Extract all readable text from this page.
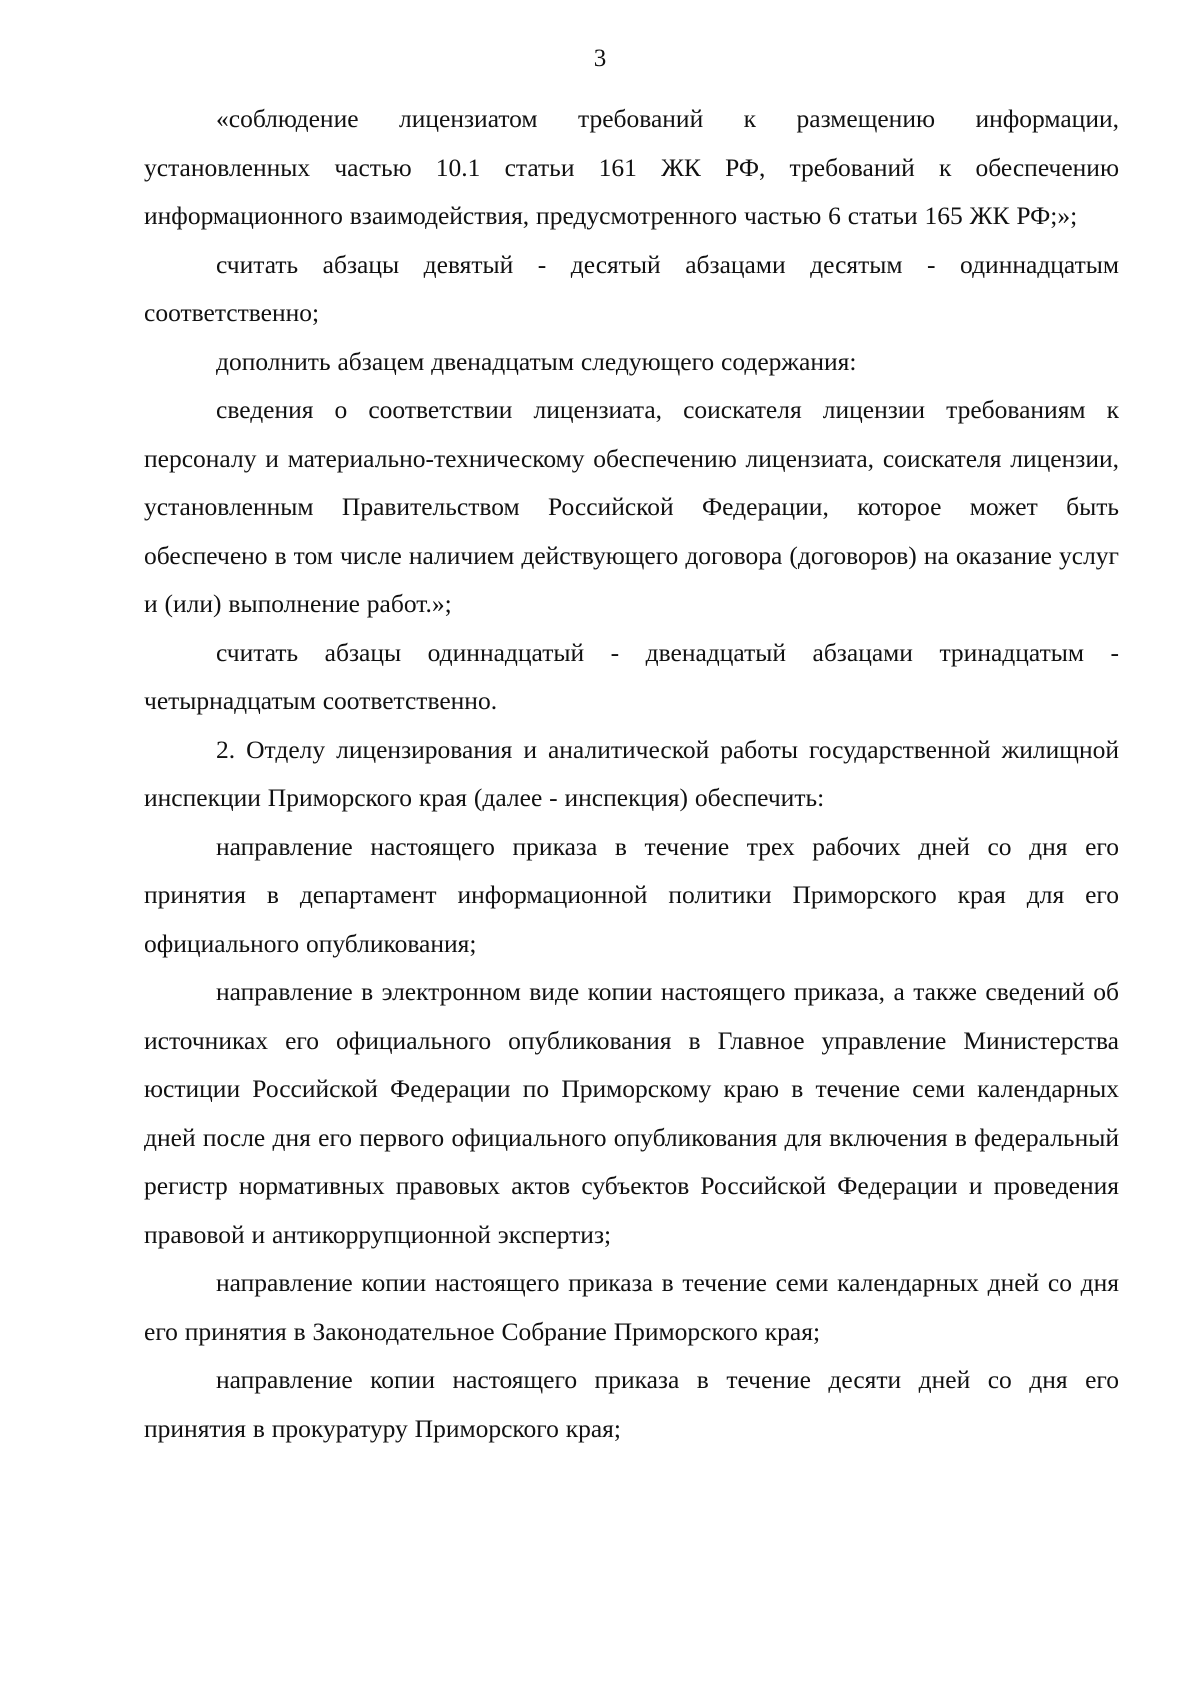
3

«соблюдение лицензиатом требований к размещению информации, установленных частью 10.1 статьи 161 ЖК РФ, требований к обеспечению информационного взаимодействия, предусмотренного частью 6 статьи 165 ЖК РФ;»;

считать абзацы девятый - десятый абзацами десятым - одиннадцатым соответственно;

дополнить абзацем двенадцатым следующего содержания:

сведения о соответствии лицензиата, соискателя лицензии требованиям к персоналу и материально-техническому обеспечению лицензиата, соискателя лицензии, установленным Правительством Российской Федерации, которое может быть обеспечено в том числе наличием действующего договора (договоров) на оказание услуг и (или) выполнение работ.»;

считать абзацы одиннадцатый - двенадцатый абзацами тринадцатым - четырнадцатым соответственно.

2. Отделу лицензирования и аналитической работы государственной жилищной инспекции Приморского края (далее - инспекция) обеспечить:

направление настоящего приказа в течение трех рабочих дней со дня его принятия в департамент информационной политики Приморского края для его официального опубликования;

направление в электронном виде копии настоящего приказа, а также сведений об источниках его официального опубликования в Главное управление Министерства юстиции Российской Федерации по Приморскому краю в течение семи календарных дней после дня его первого официального опубликования для включения в федеральный регистр нормативных правовых актов субъектов Российской Федерации и проведения правовой и антикоррупционной экспертиз;

направление копии настоящего приказа в течение семи календарных дней со дня его принятия в Законодательное Собрание Приморского края;

направление копии настоящего приказа в течение десяти дней со дня его принятия в прокуратуру Приморского края;
